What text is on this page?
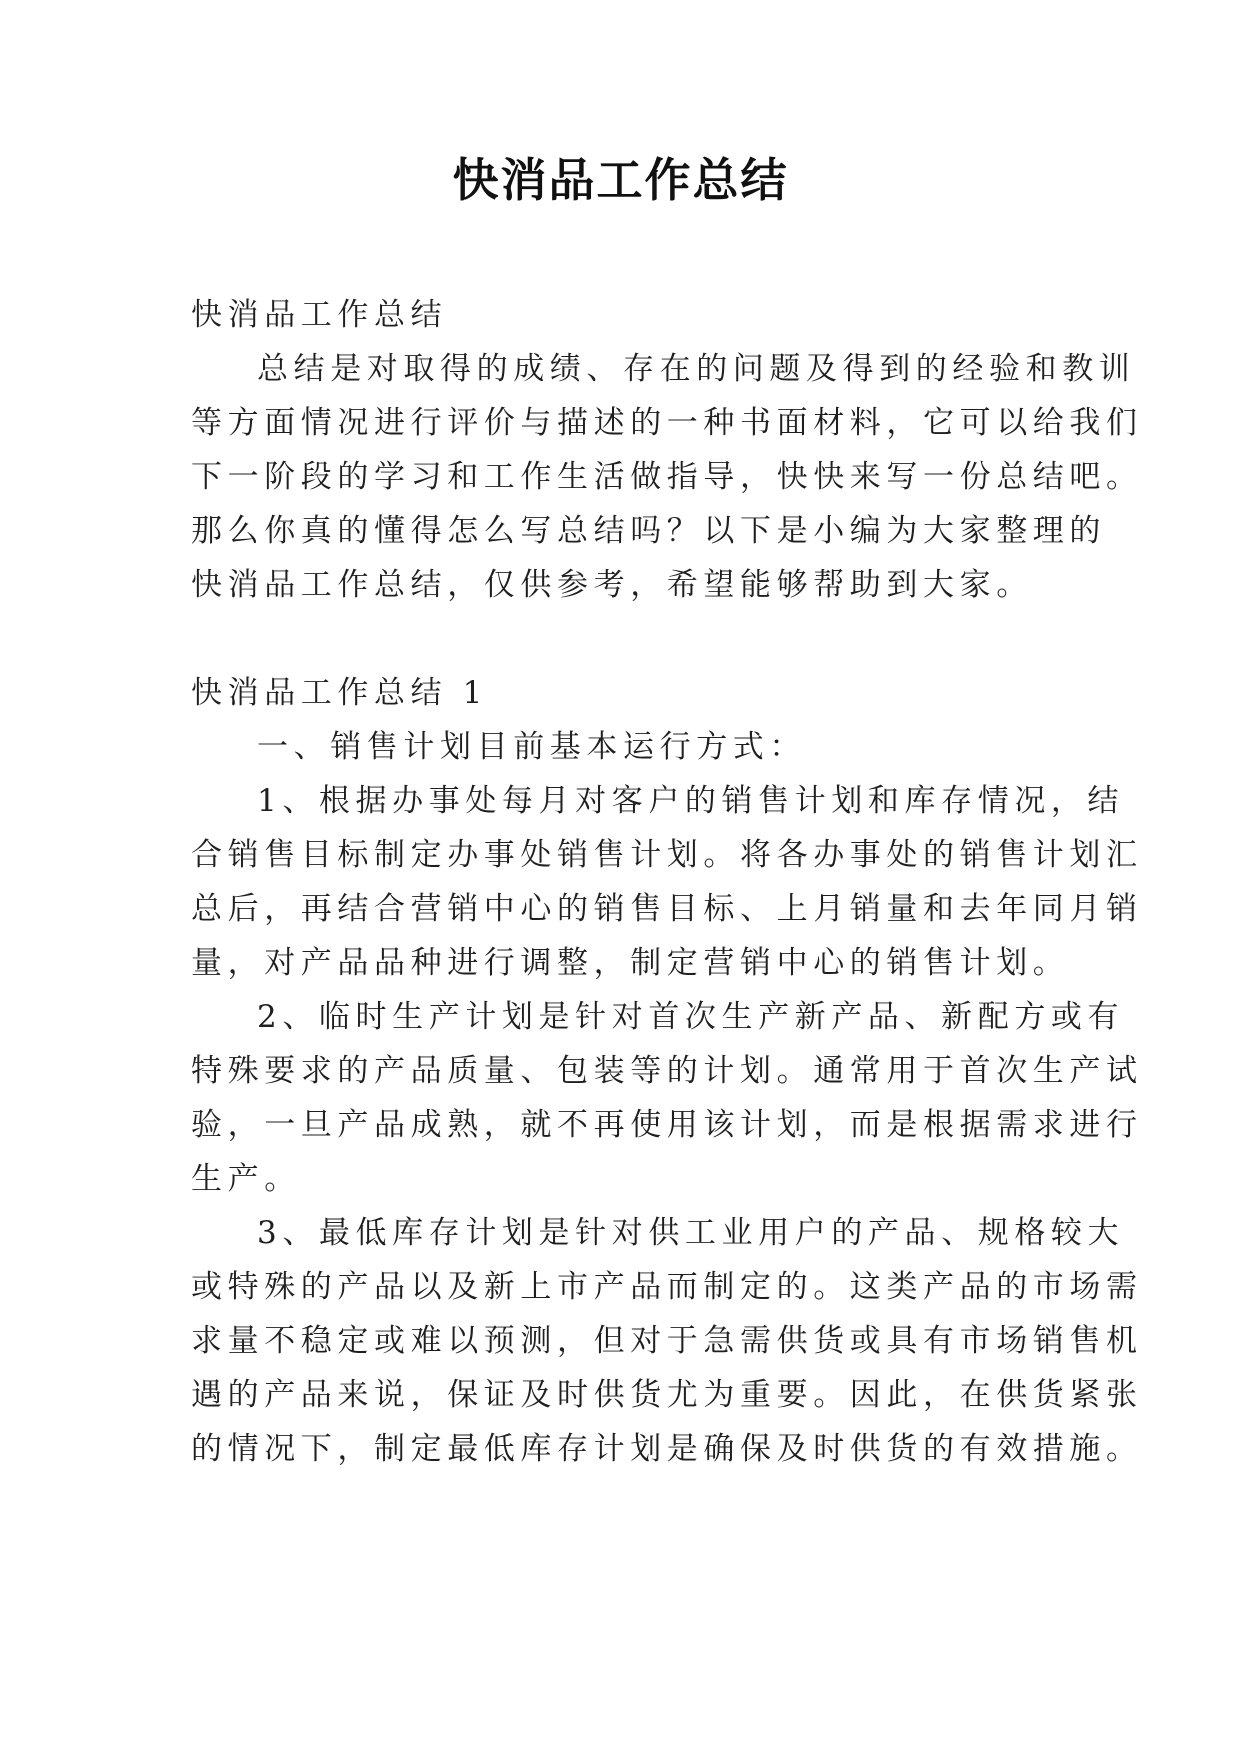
快消品工作总结
快消品工作总结
总结是对取得的成绩、存在的问题及得到的经验和教训
等方面情况进行评价与描述的一种书面材料，它可以给我们
下一阶段的学习和工作生活做指导，快快来写一份总结吧。
那么你真的懂得怎么写总结吗？以下是小编为大家整理的
快消品工作总结，仅供参考，希望能够帮助到大家。
快消品工作总结 1
一、销售计划目前基本运行方式：
1、根据办事处每月对客户的销售计划和库存情况，结
合销售目标制定办事处销售计划。将各办事处的销售计划汇
总后，再结合营销中心的销售目标、上月销量和去年同月销
量，对产品品种进行调整，制定营销中心的销售计划。
2、临时生产计划是针对首次生产新产品、新配方或有
特殊要求的产品质量、包装等的计划。通常用于首次生产试
验，一旦产品成熟，就不再使用该计划，而是根据需求进行
生产。
3、最低库存计划是针对供工业用户的产品、规格较大
或特殊的产品以及新上市产品而制定的。这类产品的市场需
求量不稳定或难以预测，但对于急需供货或具有市场销售机
遇的产品来说，保证及时供货尤为重要。因此，在供货紧张
的情况下，制定最低库存计划是确保及时供货的有效措施。
